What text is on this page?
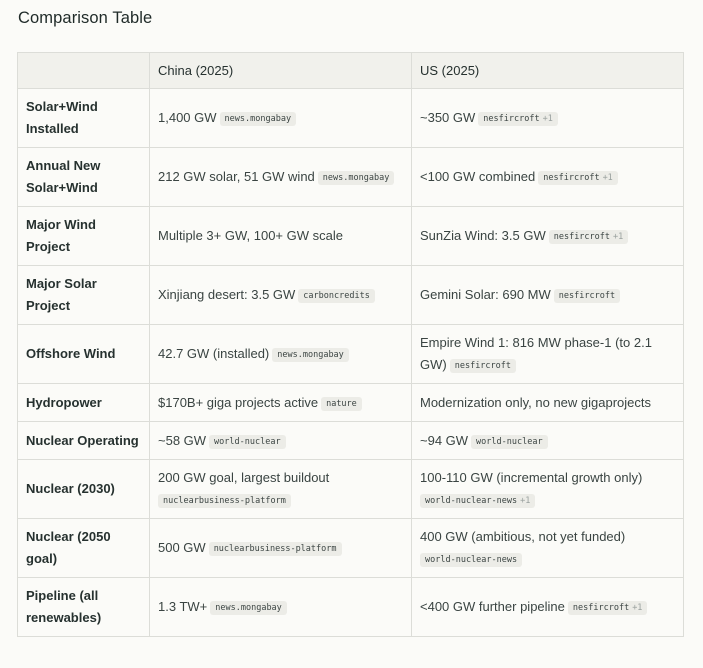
Comparison Table
	China (2025)	US (2025)
Solar+Wind Installed	1,400 GW news.mongabay	~350 GW nesfircroft +1
Annual New Solar+Wind	212 GW solar, 51 GW wind news.mongabay	<100 GW combined nesfircroft +1
Major Wind Project	Multiple 3+ GW, 100+ GW scale	SunZia Wind: 3.5 GW nesfircroft +1
Major Solar Project	Xinjiang desert: 3.5 GW carboncredits	Gemini Solar: 690 MW nesfircroft
Offshore Wind	42.7 GW (installed) news.mongabay	Empire Wind 1: 816 MW phase-1 (to 2.1 GW) nesfircroft
Hydropower	$170B+ giga projects active nature	Modernization only, no new gigaprojects
Nuclear Operating	~58 GW world-nuclear	~94 GW world-nuclear
Nuclear (2030)	200 GW goal, largest buildoutnuclearbusiness-platform	100-110 GW (incremental growth only)world-nuclear-news +1
Nuclear (2050 goal)	500 GW nuclearbusiness-platform	400 GW (ambitious, not yet funded)world-nuclear-news
Pipeline (all renewables)	1.3 TW+ news.mongabay	<400 GW further pipeline nesfircroft +1
